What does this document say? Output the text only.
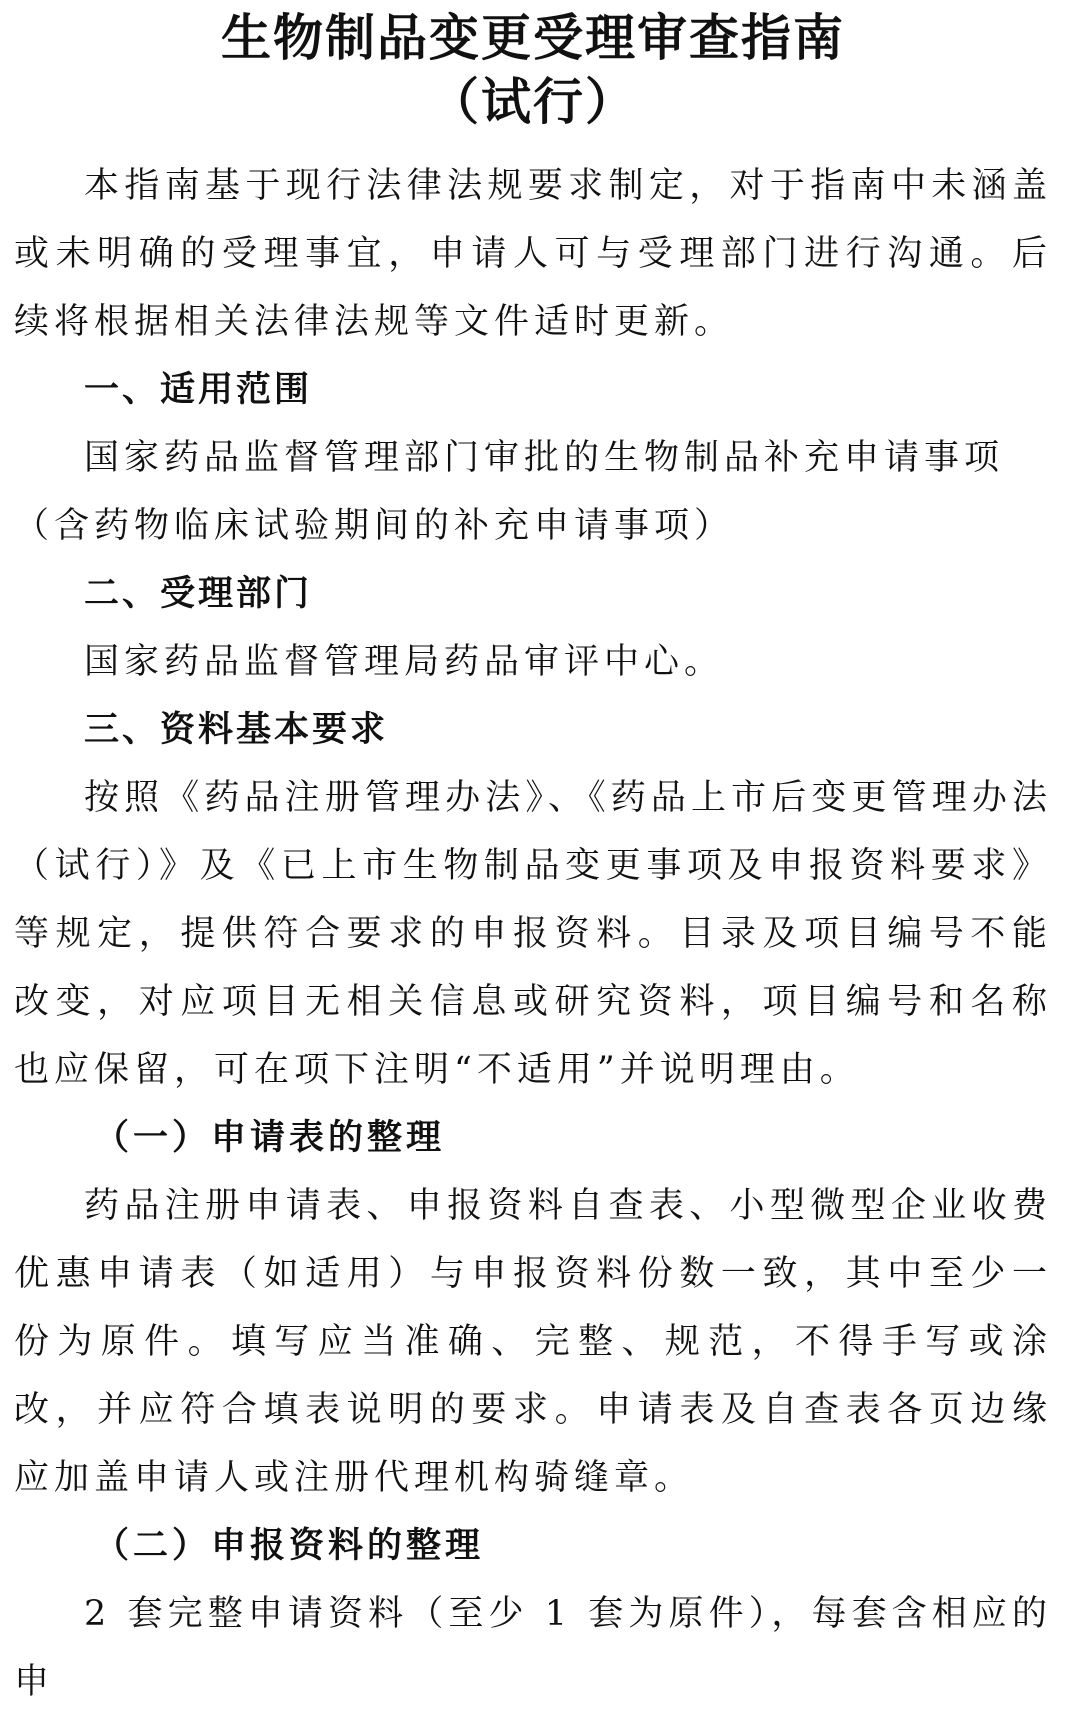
生物制品变更受理审查指南
（试行）

本指南基于现行法律法规要求制定，对于指南中未涵盖或未明确的受理事宜，申请人可与受理部门进行沟通。后续将根据相关法律法规等文件适时更新。

一、适用范围

国家药品监督管理部门审批的生物制品补充申请事项

（含药物临床试验期间的补充申请事项）

二、受理部门

国家药品监督管理局药品审评中心。

三、资料基本要求

按照《药品注册管理办法》、《药品上市后变更管理办法（试行）》及《已上市生物制品变更事项及申报资料要求》等规定，提供符合要求的申报资料。目录及项目编号不能改变，对应项目无相关信息或研究资料，项目编号和名称也应保留，可在项下注明“不适用”并说明理由。

（一）申请表的整理

药品注册申请表、申报资料自查表、小型微型企业收费优惠申请表（如适用）与申报资料份数一致，其中至少一份为原件。填写应当准确、完整、规范，不得手写或涂改，并应符合填表说明的要求。申请表及自查表各页边缘应加盖申请人或注册代理机构骑缝章。

（二）申报资料的整理

2 套完整申请资料（至少 1 套为原件），每套含相应的申
